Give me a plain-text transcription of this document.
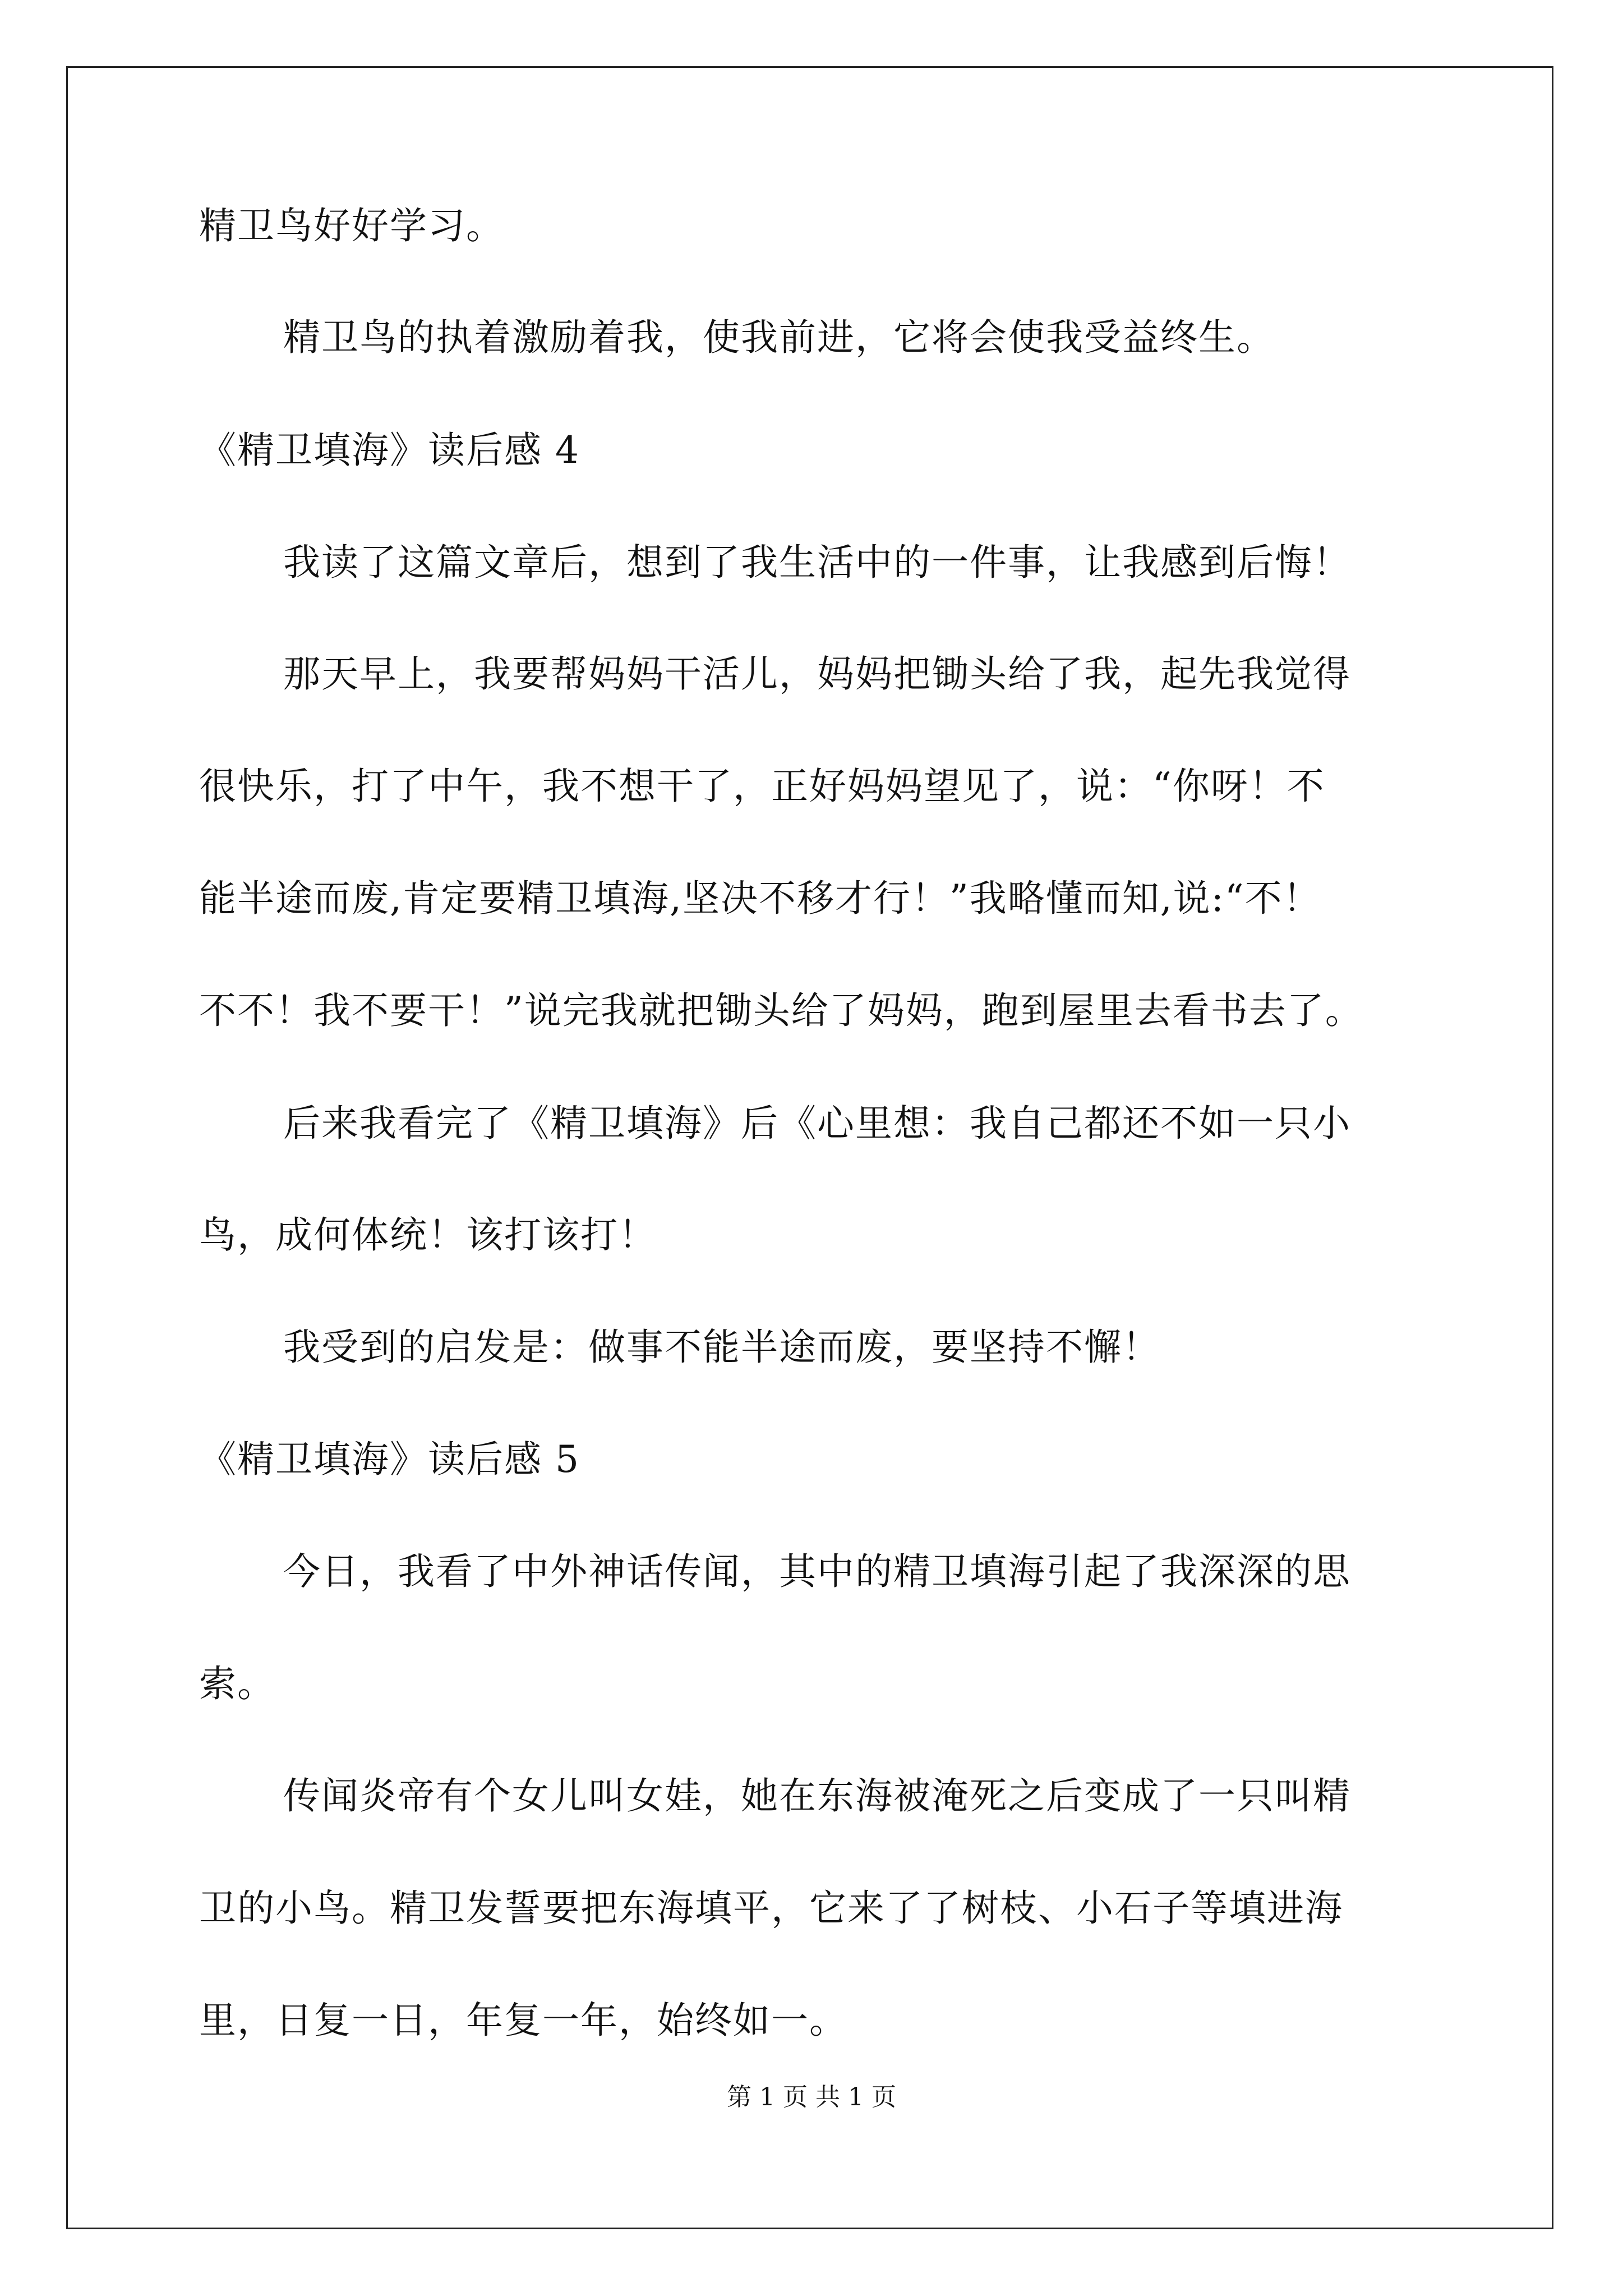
精卫鸟好好学习。
精卫鸟的执着激励着我，使我前进，它将会使我受益终生。
《精卫填海》读后感 4
我读了这篇文章后，想到了我生活中的一件事，让我感到后悔！
那天早上，我要帮妈妈干活儿，妈妈把锄头给了我，起先我觉得
很快乐，打了中午，我不想干了，正好妈妈望见了，说：“你呀！不
能半途而废,肯定要精卫填海,坚决不移才行！”我略懂而知,说:“不！
不不！我不要干！”说完我就把锄头给了妈妈，跑到屋里去看书去了。
后来我看完了《精卫填海》后《心里想：我自己都还不如一只小
鸟，成何体统！该打该打！
我受到的启发是：做事不能半途而废，要坚持不懈！
《精卫填海》读后感 5
今日，我看了中外神话传闻，其中的精卫填海引起了我深深的思
索。
传闻炎帝有个女儿叫女娃，她在东海被淹死之后变成了一只叫精
卫的小鸟。精卫发誓要把东海填平，它来了了树枝、小石子等填进海
里，日复一日，年复一年，始终如一。
第 1 页 共 1 页
